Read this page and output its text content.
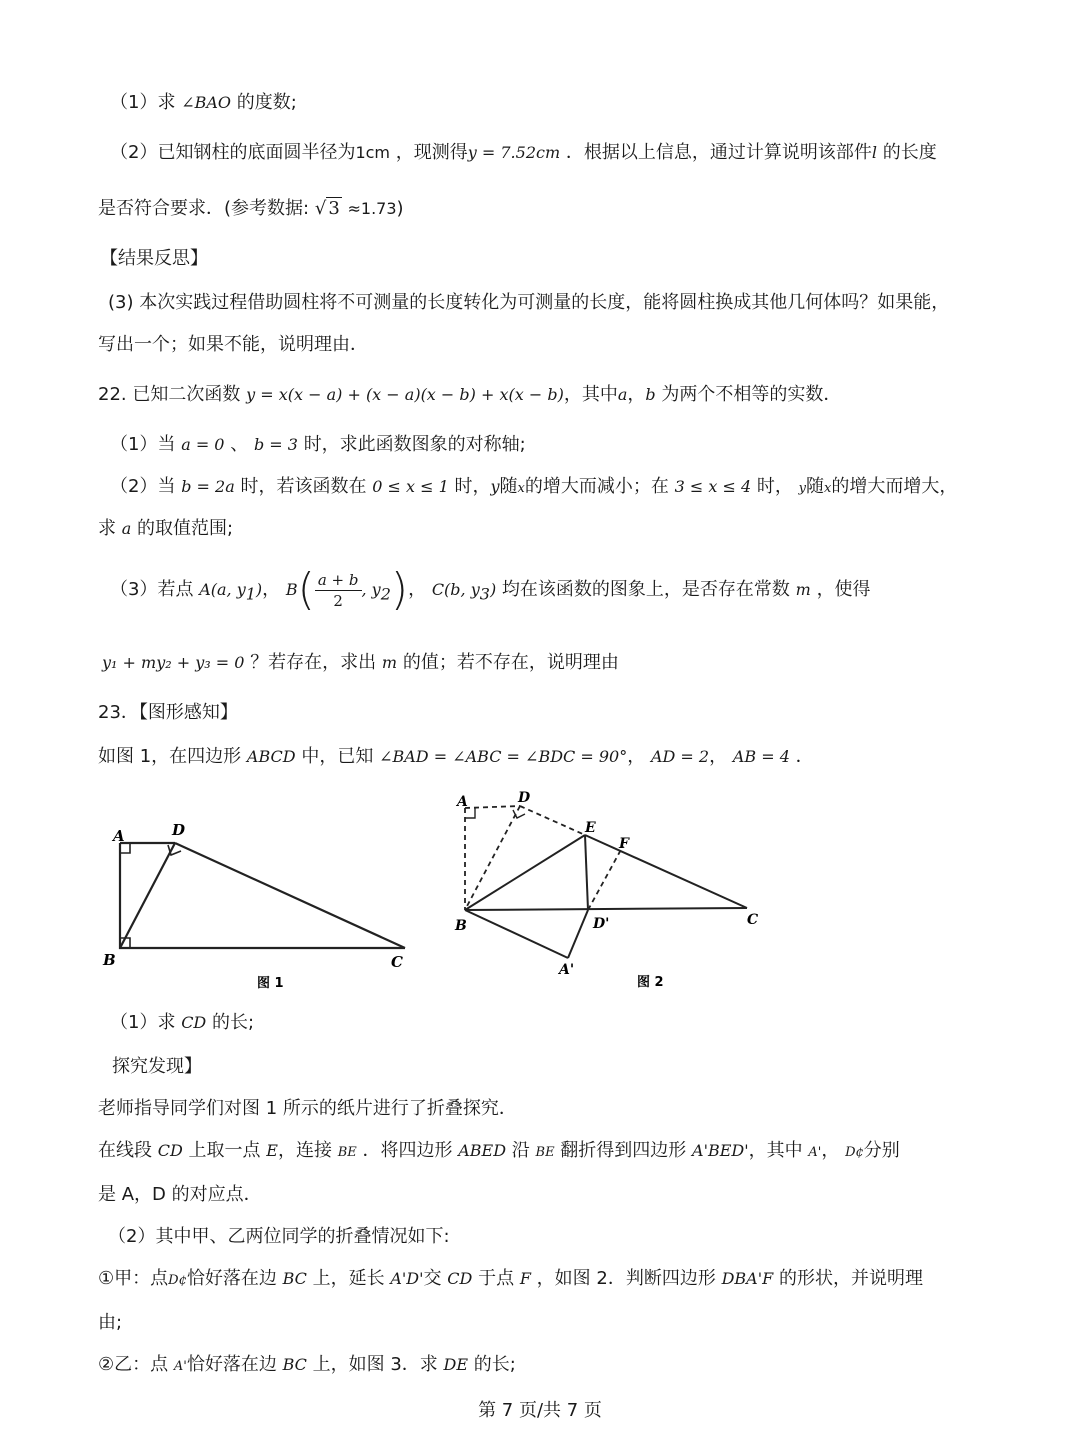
（1）求 ∠BAO 的度数;
（2）已知钢柱的底面圆半径为1cm ，现测得y = 7.52cm ．根据以上信息，通过计算说明该部件l 的长度
是否符合要求．(参考数据: √ 3 ≈1.73)
【结果反思】
(3) 本次实践过程借助圆柱将不可测量的长度转化为可测量的长度，能将圆柱换成其他几何体吗？如果能，
写出一个；如果不能，说明理由．
22. 已知二次函数 y = x(x − a) + (x − a)(x − b) + x(x − b)，其中a，b 为两个不相等的实数．
（1）当 a = 0 、 b = 3 时，求此函数图象的对称轴;
（2）当 b = 2a 时，若该函数在 0 ≤ x ≤ 1 时，y随x的增大而减小；在 3 ≤ x ≤ 4 时， y随x的增大而增大，
求 a 的取值范围;
（3）若点 A(a, $y_1$)， $B( \frac{a + b}{2}$ , $y_2$)， C(b, $y_3$) 均在该函数的图象上，是否存在常数 m ，使得
y₁ + my₂ + y₃ = 0 ？若存在，求出 m 的值；若不存在，说明理由
23．【图形感知】
如图 1，在四边形 ABCD 中，已知 ∠BAD = ∠ABC = ∠BDC = 90°， AD = 2， AB = 4 ．
A	D
B	C
图 1
A	D
E
F
B	D'	C
A'
图 2
（1）求 CD 的长;
探究发现】
老师指导同学们对图 1 所示的纸片进行了折叠探究．
在线段 CD 上取一点 E，连接 BE ．将四边形 ABED 沿 BE 翻折得到四边形 A'BED'，其中 A'， D¢分别
是 A，D 的对应点．
（2）其中甲、乙两位同学的折叠情况如下:
①甲：点D¢恰好落在边 BC 上，延长 A'D'交 CD 于点 F ，如图 2．判断四边形 DBA'F 的形状，并说明理
由;
②乙：点 A'恰好落在边 BC 上，如图 3．求 DE 的长;
第 7 页/共 7 页
